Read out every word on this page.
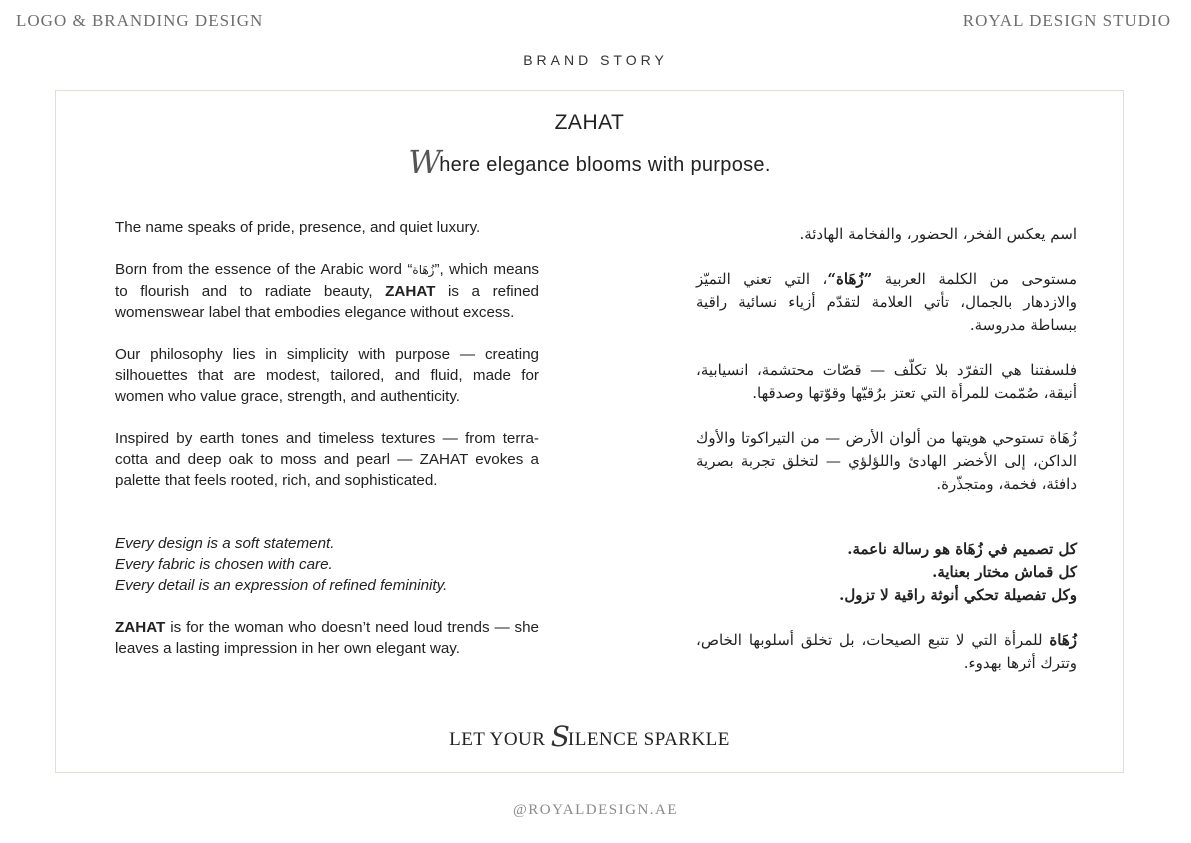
LOGO & BRANDING DESIGN	ROYAL DESIGN STUDIO
BRAND STORY
ZAHAT
Where elegance blooms with purpose.

The name speaks of pride, presence, and quiet luxury.

Born from the essence of the Arabic word “زُهَاة”, which means to flourish and to radiate beauty, ZAHAT is a refined womenswear label that embodies elegance without excess.

Our philosophy lies in simplicity with purpose — creating silhouettes that are modest, tailored, and fluid, made for women who value grace, strength, and authenticity.

Inspired by earth tones and timeless textures — from terra-cotta and deep oak to moss and pearl — ZAHAT evokes a palette that feels rooted, rich, and sophisticated.

Every design is a soft statement.
Every fabric is chosen with care.
Every detail is an expression of refined femininity.

ZAHAT is for the woman who doesn’t need loud trends — she leaves a lasting impression in her own elegant way.

اسم يعكس الفخر، الحضور، والفخامة الهادئة.

مستوحى من الكلمة العربية ”زُهَاة“، التي تعني التميّز والازدهار بالجمال، تأتي العلامة لتقدّم أزياء نسائية راقية ببساطة مدروسة.

فلسفتنا هي التفرّد بلا تكلّف — قصّات محتشمة، انسيابية، أنيقة، صُمّمت للمرأة التي تعتز برُقيّها وقوّتها وصدقها.

زُهَاة تستوحي هويتها من ألوان الأرض — من التيراكوتا والأوك الداكن، إلى الأخضر الهادئ واللؤلؤي — لتخلق تجربة بصرية دافئة، فخمة، ومتجذّرة.

كل تصميم في زُهَاة هو رسالة ناعمة.
كل قماش مختار بعناية.
وكل تفصيلة تحكي أنوثة راقية لا تزول.

زُهَاة للمرأة التي لا تتبع الصيحات، بل تخلق أسلوبها الخاص، وتترك أثرها بهدوء.

LET YOUR SILENCE SPARKLE
@ROYALDESIGN.AE
